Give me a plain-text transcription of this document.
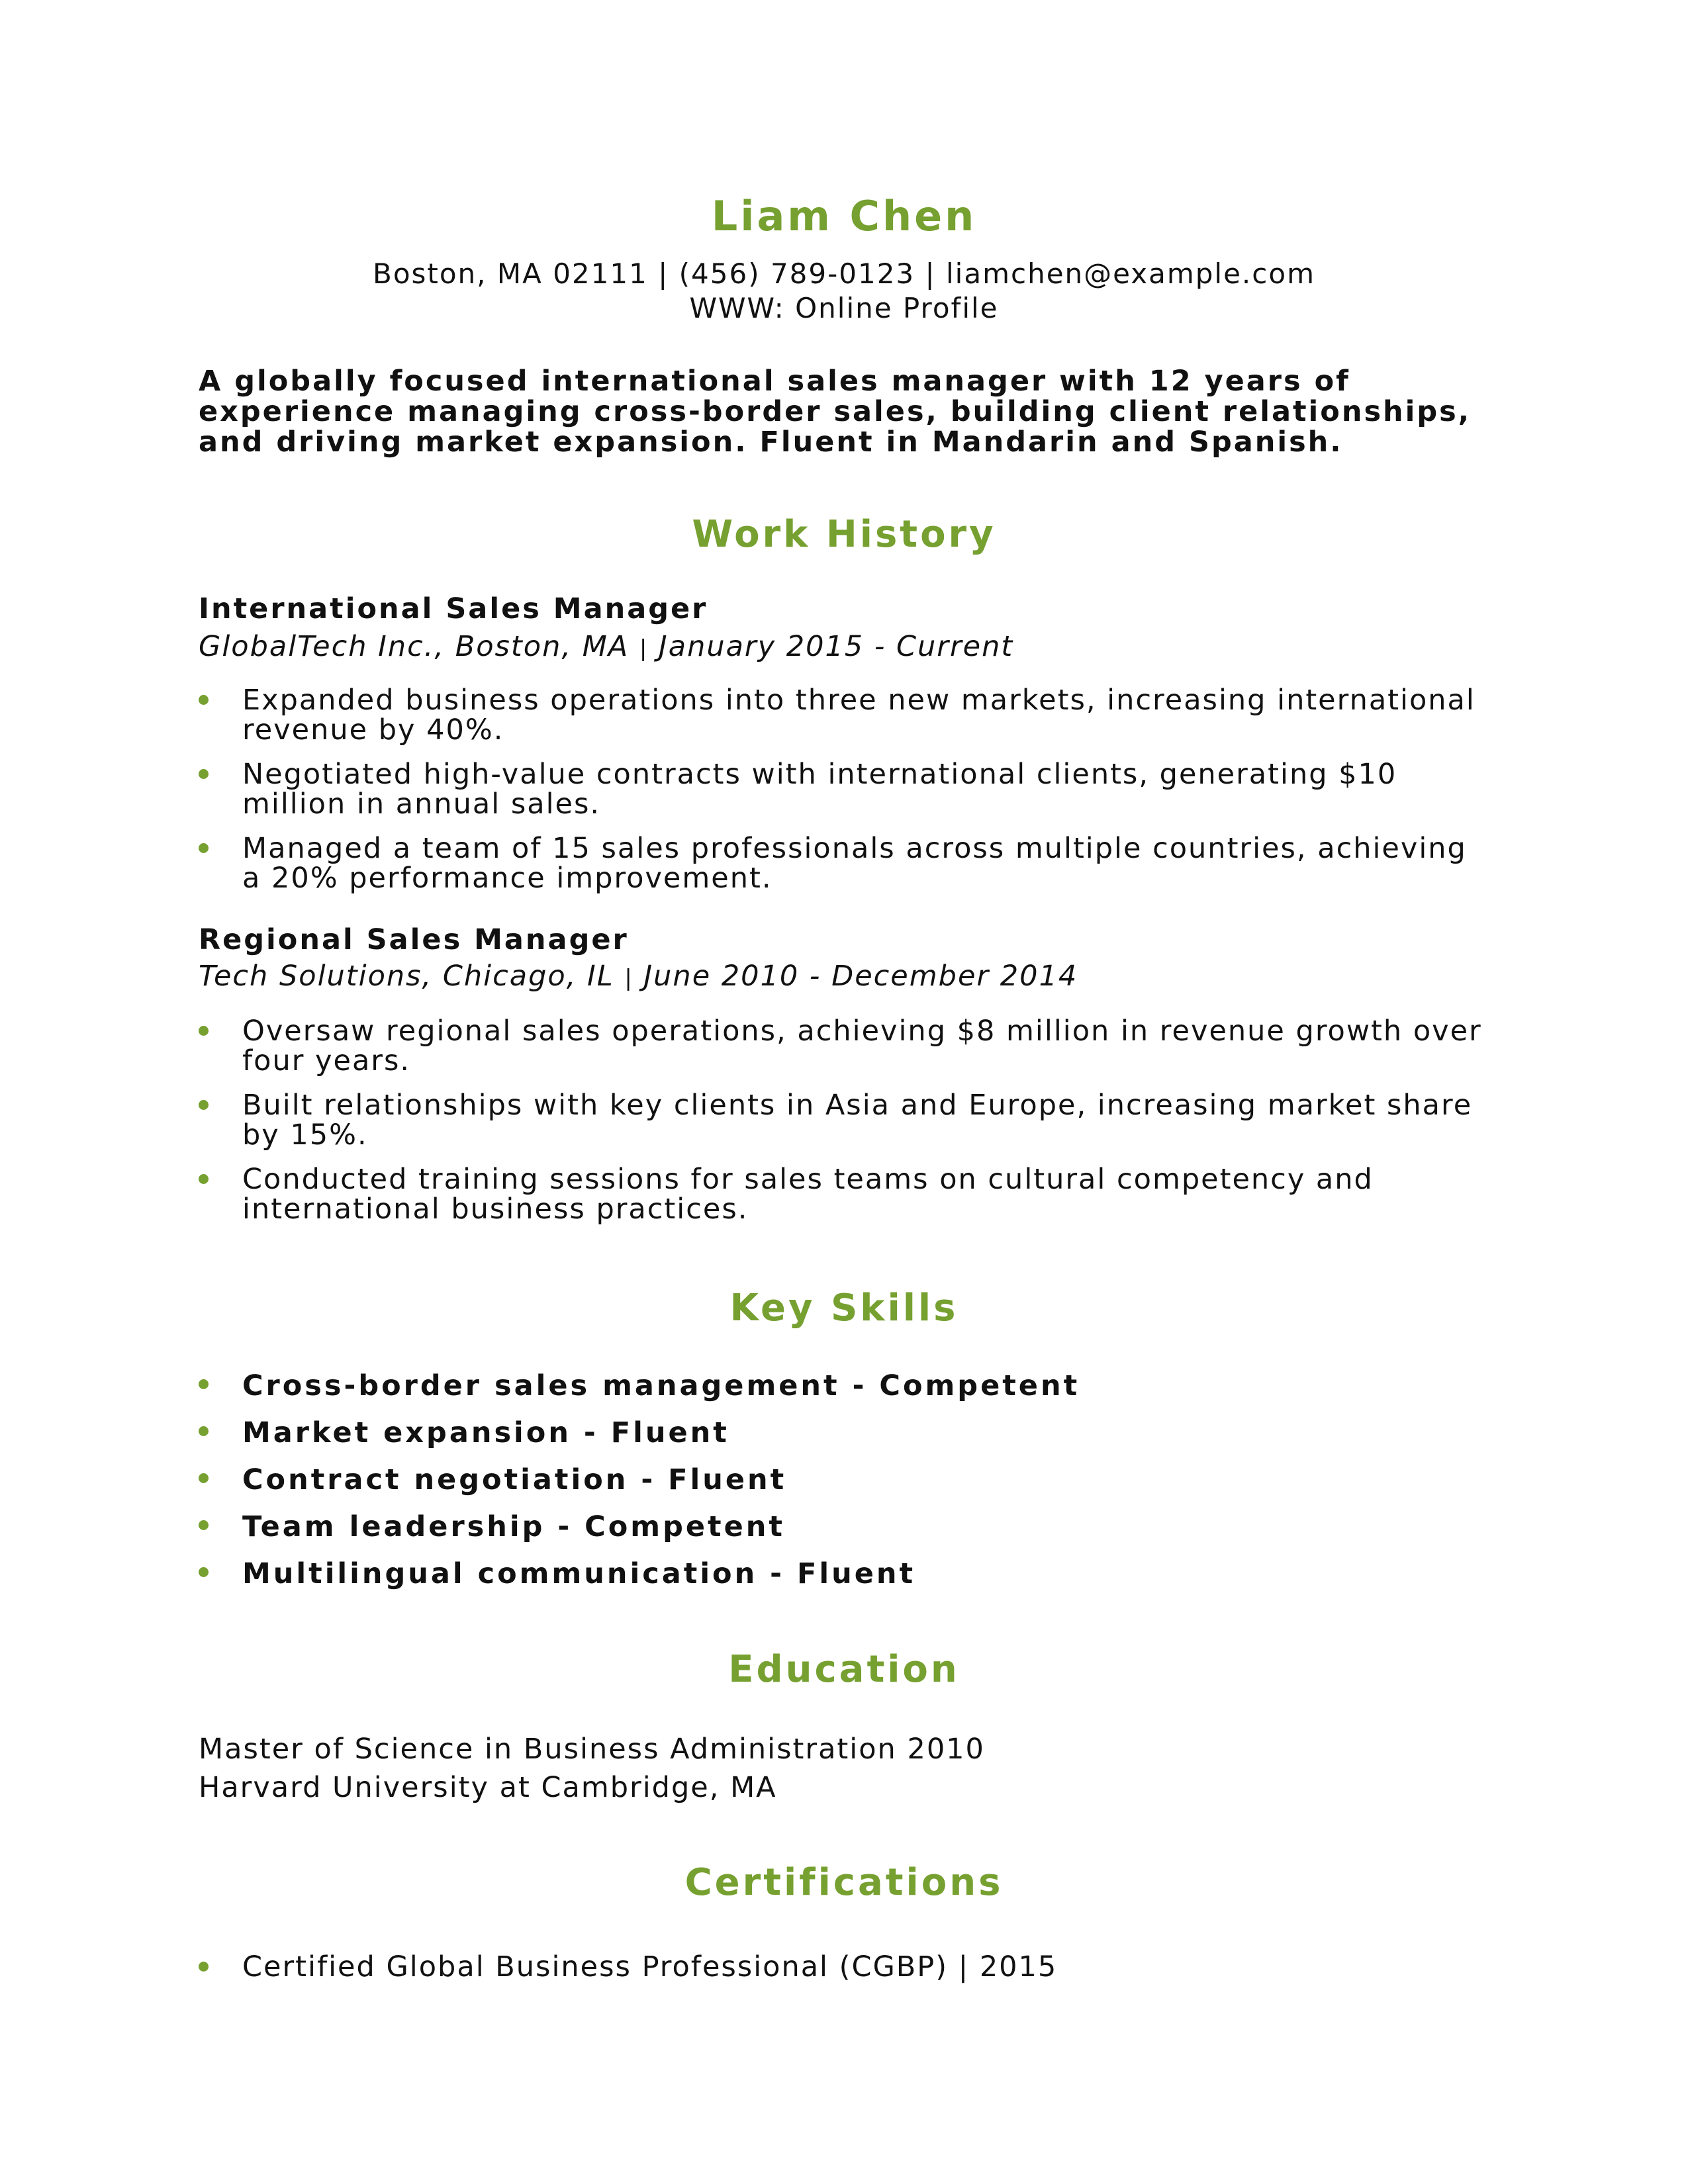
Liam Chen
Boston, MA 02111 | (456) 789-0123 | liamchen@example.com
WWW: Online Profile
A globally focused international sales manager with 12 years of experience managing cross-border sales, building client relationships, and driving market expansion. Fluent in Mandarin and Spanish.
Work History
International Sales Manager
GlobalTech Inc., Boston, MA | January 2015 - Current
Expanded business operations into three new markets, increasing international revenue by 40%.
Negotiated high-value contracts with international clients, generating $10 million in annual sales.
Managed a team of 15 sales professionals across multiple countries, achieving a 20% performance improvement.
Regional Sales Manager
Tech Solutions, Chicago, IL | June 2010 - December 2014
Oversaw regional sales operations, achieving $8 million in revenue growth over four years.
Built relationships with key clients in Asia and Europe, increasing market share by 15%.
Conducted training sessions for sales teams on cultural competency and international business practices.
Key Skills
Cross-border sales management - Competent
Market expansion - Fluent
Contract negotiation - Fluent
Team leadership - Competent
Multilingual communication - Fluent
Education
Master of Science in Business Administration 2010
Harvard University at Cambridge, MA
Certifications
Certified Global Business Professional (CGBP) | 2015
